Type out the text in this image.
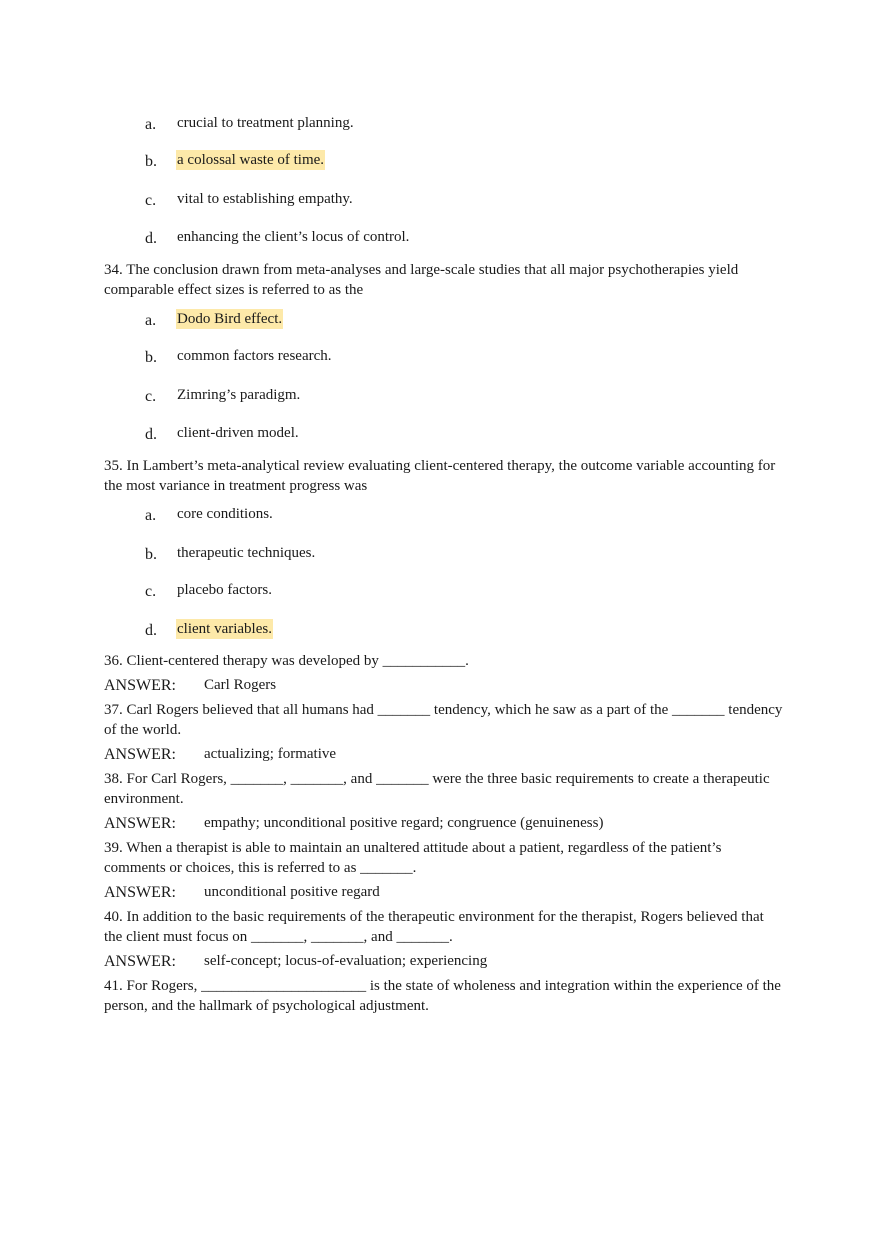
a. crucial to treatment planning.
b. a colossal waste of time.
c. vital to establishing empathy.
d. enhancing the client’s locus of control.
34. The conclusion drawn from meta-analyses and large-scale studies that all major psychotherapies yield comparable effect sizes is referred to as the
a. Dodo Bird effect.
b. common factors research.
c. Zimring’s paradigm.
d. client-driven model.
35. In Lambert’s meta-analytical review evaluating client-centered therapy, the outcome variable accounting for the most variance in treatment progress was
a. core conditions.
b. therapeutic techniques.
c. placebo factors.
d. client variables.
36. Client-centered therapy was developed by ___________.
ANSWER: Carl Rogers
37. Carl Rogers believed that all humans had _______ tendency, which he saw as a part of the _______ tendency of the world.
ANSWER: actualizing; formative
38. For Carl Rogers, _______, _______, and _______ were the three basic requirements to create a therapeutic environment.
ANSWER: empathy; unconditional positive regard; congruence (genuineness)
39. When a therapist is able to maintain an unaltered attitude about a patient, regardless of the patient’s comments or choices, this is referred to as _______.
ANSWER: unconditional positive regard
40. In addition to the basic requirements of the therapeutic environment for the therapist, Rogers believed that the client must focus on _______, _______, and _______.
ANSWER: self-concept; locus-of-evaluation; experiencing
41. For Rogers, ______________________ is the state of wholeness and integration within the experience of the person, and the hallmark of psychological adjustment.
